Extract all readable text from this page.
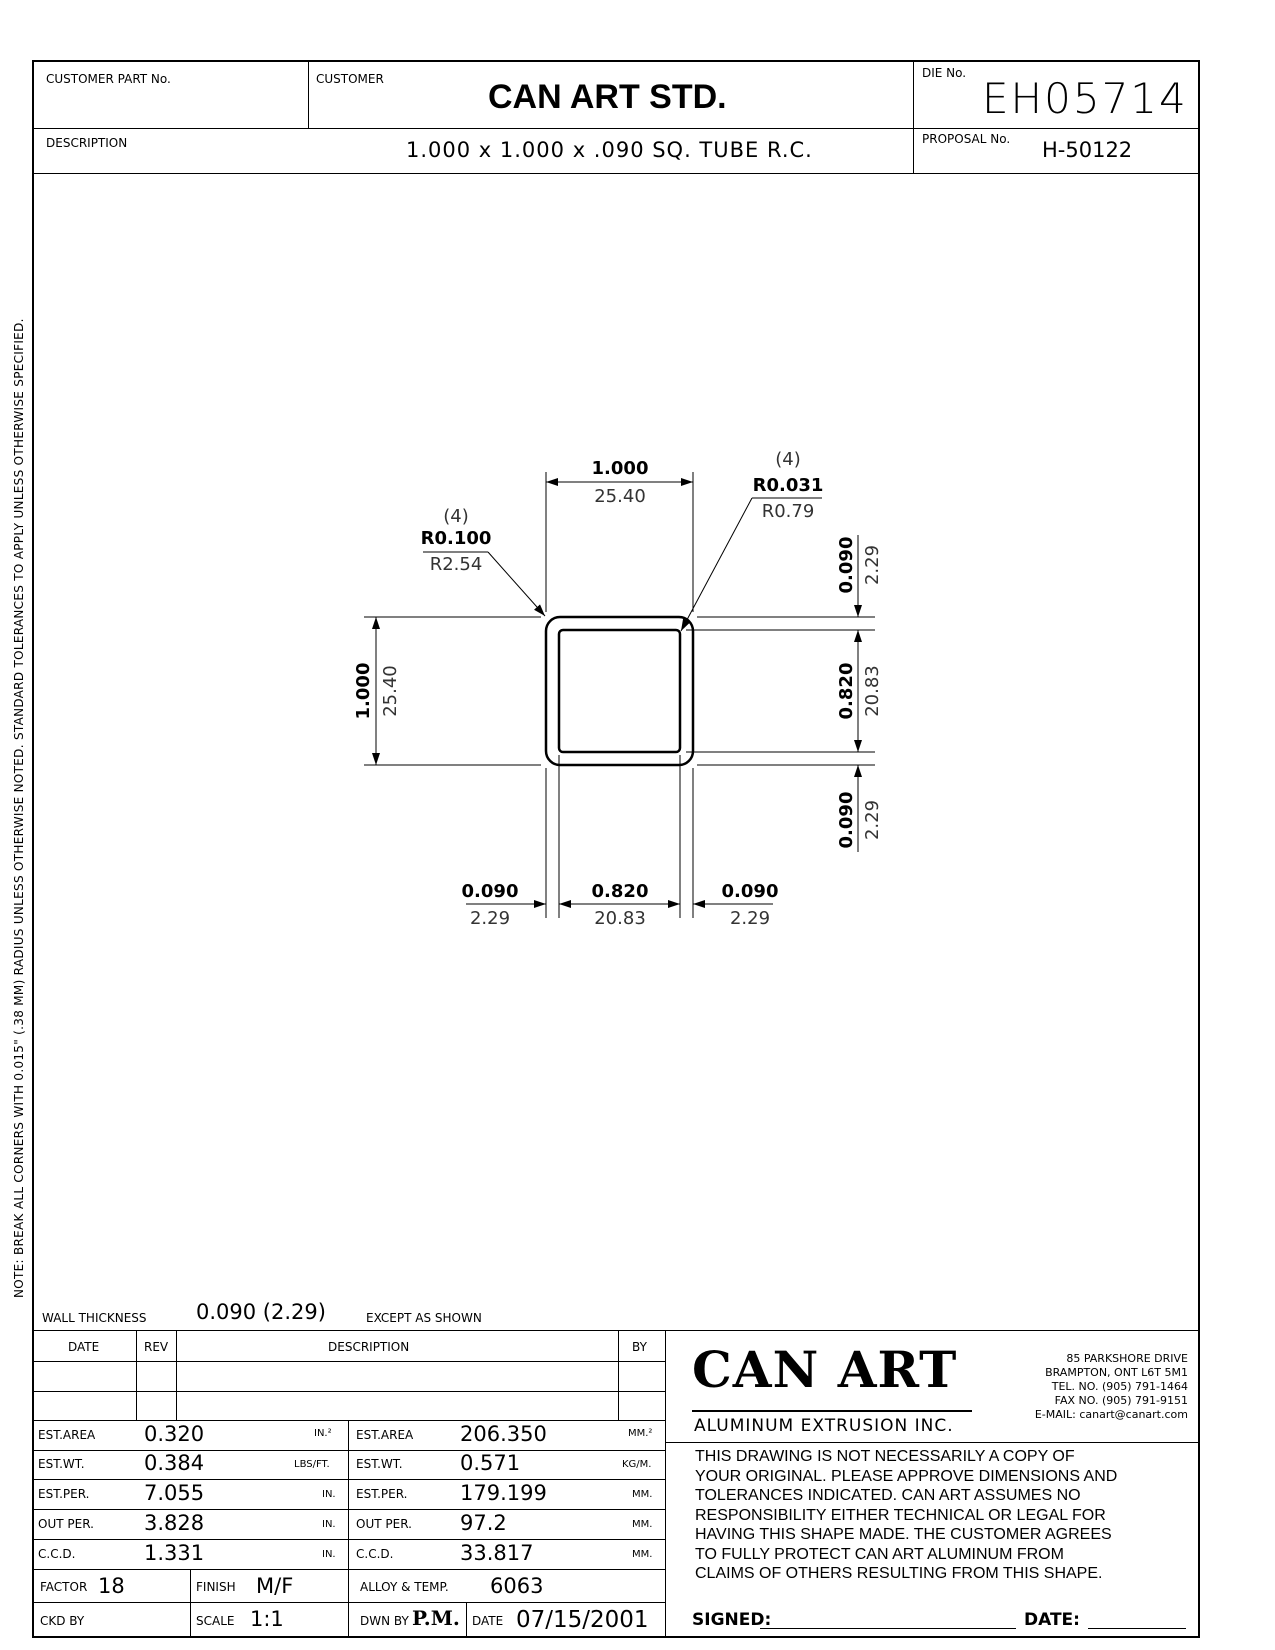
CUSTOMER PART No.	CUSTOMER	CAN ART STD.
DIE No.
EH05714
DESCRIPTION	1.000 x 1.000 x .090 SQ. TUBE R.C.	PROPOSAL No. H-50122
NOTE: BREAK ALL CORNERS WITH 0.015" (.38 MM) RADIUS UNLESS OTHERWISE NOTED. STANDARD TOLERANCES TO APPLY UNLESS OTHERWISE SPECIFIED.	1.000
25.40
1.000 25.40
(4)
R0.100
R2.54
(4)
R0.031
R0.79
0.090 2.29
0.820 20.83
0.090 2.29
0.090
2.29
0.820
20.83
0.090
2.29
WALL THICKNESS 0.090 (2.29)	EXCEPT AS SHOWN
DATE	REV	DESCRIPTION	BY
EST.AREA 0.320	IN.²
EST.WT.	0.384	LBS/FT.
EST.PER.	7.055	IN.
OUT PER. 3.828	IN.
C.C.D.	1.331	IN.
EST.AREA 206.350	MM.²
EST.WT.	0.571	KG/M.
EST.PER.	179.199	MM.
OUT PER. 97.2	MM.
C.C.D.	33.817	MM.
FACTOR 18	FINISH M/F	ALLOY & TEMP. 6063
CKD BY	SCALE 1:1	DWN BY P.M. DATE 07/15/2001
CAN ART
ALUMINUM EXTRUSION INC.
85 PARKSHORE DRIVE
BRAMPTON, ONT L6T 5M1
TEL. NO. (905) 791-1464
FAX NO. (905) 791-9151
E-MAIL: canart@canart.com
THIS DRAWING IS NOT NECESSARILY A COPY OF
YOUR ORIGINAL. PLEASE APPROVE DIMENSIONS AND
TOLERANCES INDICATED. CAN ART ASSUMES NO
RESPONSIBILITY EITHER TECHNICAL OR LEGAL FOR
HAVING THIS SHAPE MADE. THE CUSTOMER AGREES
TO FULLY PROTECT CAN ART ALUMINUM FROM
CLAIMS OF OTHERS RESULTING FROM THIS SHAPE.
SIGNED:	DATE:
